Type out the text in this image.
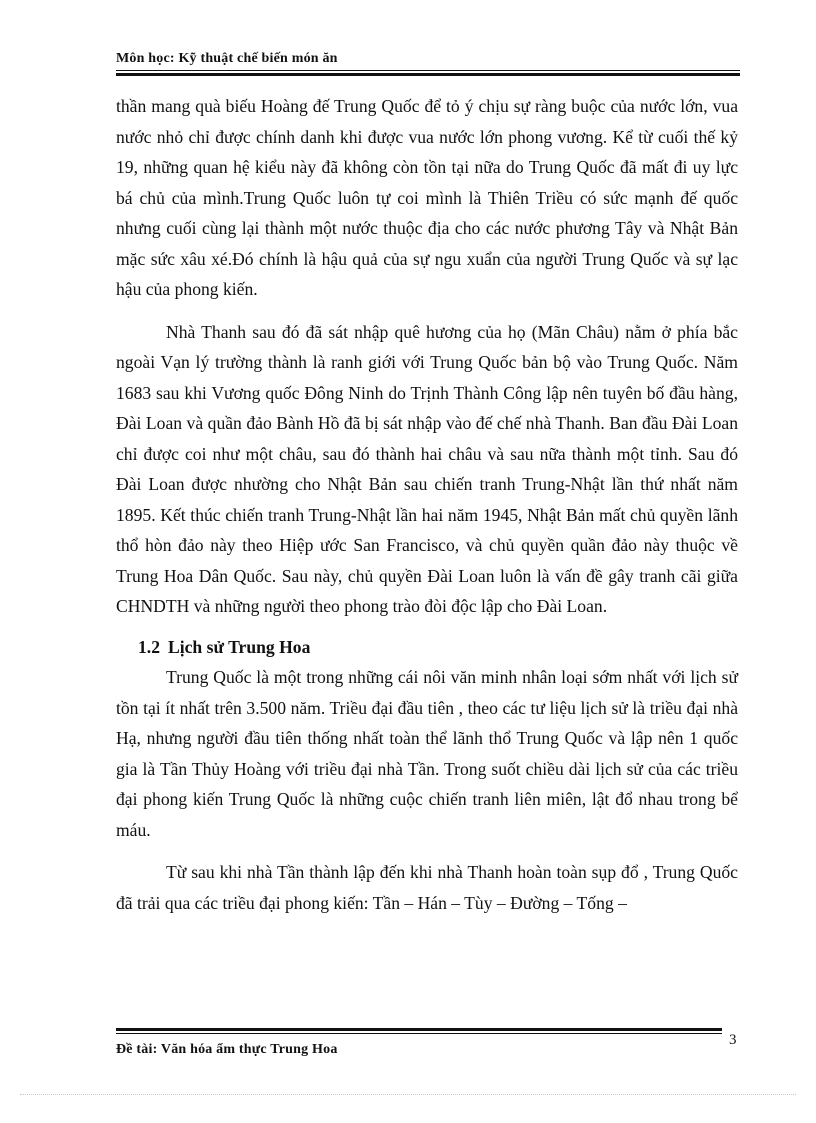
Môn học: Kỹ thuật chế biến món ăn

thần mang quà biếu Hoàng đế Trung Quốc để tỏ ý chịu sự ràng buộc của nước lớn, vua nước nhỏ chỉ được chính danh khi được vua nước lớn phong vương. Kể từ cuối thế kỷ 19, những quan hệ kiểu này đã không còn tồn tại nữa do Trung Quốc đã mất đi uy lực bá chủ của mình.Trung Quốc luôn tự coi mình là Thiên Triều có sức mạnh đế quốc nhưng cuối cùng lại thành một nước thuộc địa cho các nước phương Tây và Nhật Bản mặc sức xâu xé.Đó chính là hậu quả của sự ngu xuẩn của người Trung Quốc và sự lạc hậu của phong kiến.

Nhà Thanh sau đó đã sát nhập quê hương của họ (Mãn Châu) nằm ở phía bắc ngoài Vạn lý trường thành là ranh giới với Trung Quốc bản bộ vào Trung Quốc. Năm 1683 sau khi Vương quốc Đông Ninh do Trịnh Thành Công lập nên tuyên bố đầu hàng, Đài Loan và quần đảo Bành Hồ đã bị sát nhập vào đế chế nhà Thanh. Ban đầu Đài Loan chỉ được coi như một châu, sau đó thành hai châu và sau nữa thành một tỉnh. Sau đó Đài Loan được nhường cho Nhật Bản sau chiến tranh Trung-Nhật lần thứ nhất năm 1895. Kết thúc chiến tranh Trung-Nhật lần hai năm 1945, Nhật Bản mất chủ quyền lãnh thổ hòn đảo này theo Hiệp ước San Francisco, và chủ quyền quần đảo này thuộc về Trung Hoa Dân Quốc. Sau này, chủ quyền Đài Loan luôn là vấn đề gây tranh cãi giữa CHNDTH và những người theo phong trào đòi độc lập cho Đài Loan.

1.2 Lịch sử Trung Hoa

Trung Quốc là một trong những cái nôi văn minh nhân loại sớm nhất với lịch sử tồn tại ít nhất trên 3.500 năm. Triều đại đầu tiên , theo các tư liệu lịch sử là triều đại nhà Hạ, nhưng người đầu tiên thống nhất toàn thể lãnh thổ Trung Quốc và lập nên 1 quốc gia là Tần Thủy Hoàng với triều đại nhà Tần. Trong suốt chiều dài lịch sử của các triều đại phong kiến Trung Quốc là những cuộc chiến tranh liên miên, lật đổ nhau trong bể máu.

Từ sau khi nhà Tần thành lập đến khi nhà Thanh hoàn toàn sụp đổ , Trung Quốc đã trải qua các triều đại phong kiến: Tần – Hán – Tùy – Đường – Tống –

Đề tài: Văn hóa ẩm thực Trung Hoa
3
